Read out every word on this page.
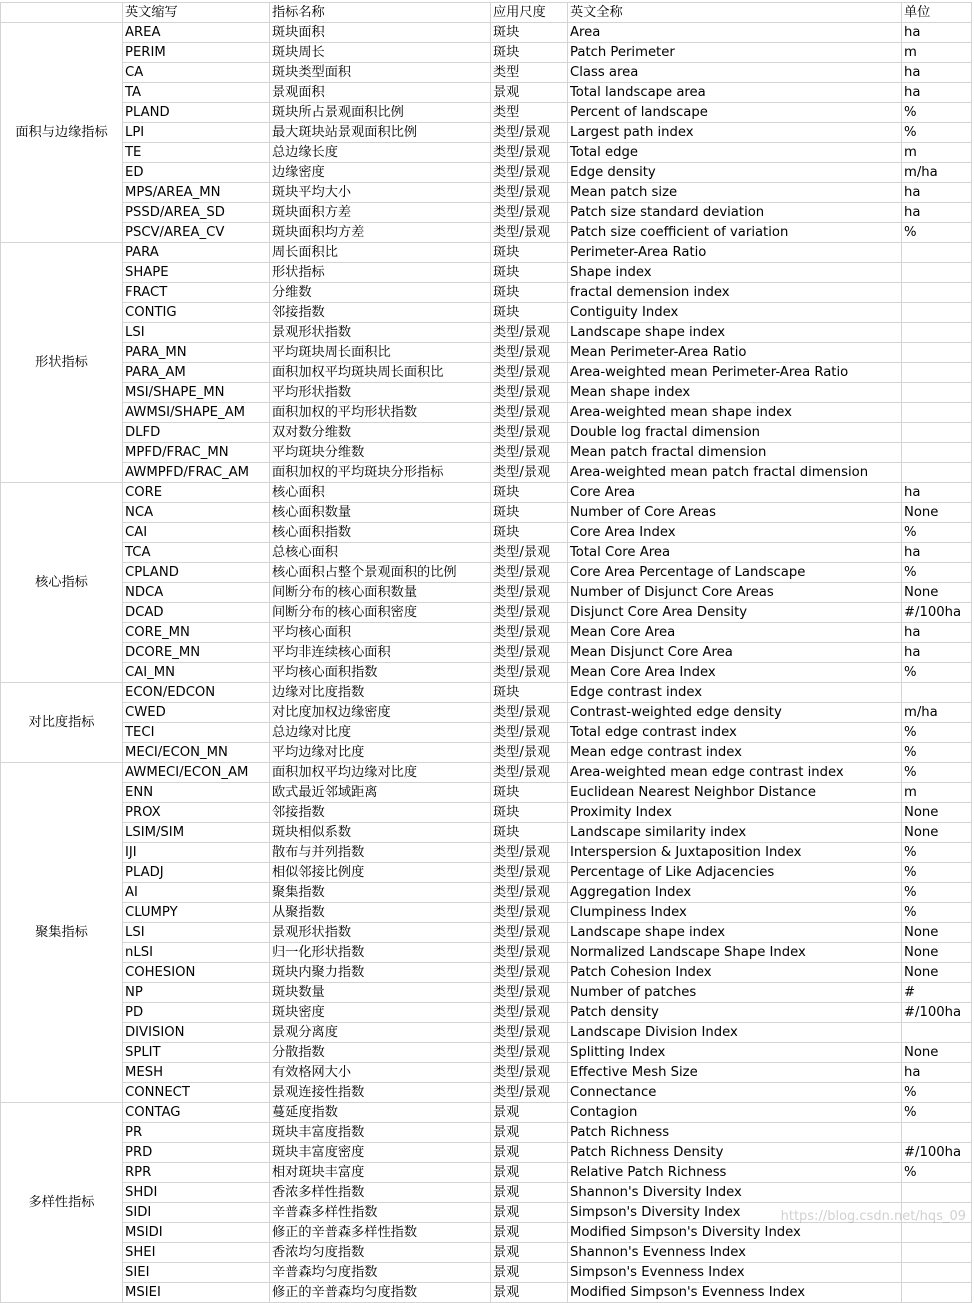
	英文缩写	指标名称	应用尺度	英文全称	单位
面积与边缘指标	AREA	斑块面积	斑块	Area	ha
	PERIM	斑块周长	斑块	Patch Perimeter	m
	CA	斑块类型面积	类型	Class area	ha
	TA	景观面积	景观	Total landscape area	ha
	PLAND	斑块所占景观面积比例	类型	Percent of landscape	%
	LPI	最大斑块站景观面积比例	类型/景观	Largest path index	%
	TE	总边缘长度	类型/景观	Total edge	m
	ED	边缘密度	类型/景观	Edge density	m/ha
	MPS/AREA_MN	斑块平均大小	类型/景观	Mean patch size	ha
	PSSD/AREA_SD	斑块面积方差	类型/景观	Patch size standard deviation	ha
	PSCV/AREA_CV	斑块面积均方差	类型/景观	Patch size coefficient of variation	%
形状指标	PARA	周长面积比	斑块	Perimeter-Area Ratio	
	SHAPE	形状指标	斑块	Shape index	
	FRACT	分维数	斑块	fractal demension index	
	CONTIG	邻接指数	斑块	Contiguity Index	
	LSI	景观形状指数	类型/景观	Landscape shape index	
	PARA_MN	平均斑块周长面积比	类型/景观	Mean Perimeter-Area Ratio	
	PARA_AM	面积加权平均斑块周长面积比	类型/景观	Area-weighted mean Perimeter-Area Ratio	
	MSI/SHAPE_MN	平均形状指数	类型/景观	Mean shape index	
	AWMSI/SHAPE_AM	面积加权的平均形状指数	类型/景观	Area-weighted mean shape index	
	DLFD	双对数分维数	类型/景观	Double log fractal dimension	
	MPFD/FRAC_MN	平均斑块分维数	类型/景观	Mean patch fractal dimension	
	AWMPFD/FRAC_AM	面积加权的平均斑块分形指标	类型/景观	Area-weighted mean patch fractal dimension	
核心指标	CORE	核心面积	斑块	Core Area	ha
	NCA	核心面积数量	斑块	Number of Core Areas	None
	CAI	核心面积指数	斑块	Core Area Index	%
	TCA	总核心面积	类型/景观	Total Core Area	ha
	CPLAND	核心面积占整个景观面积的比例	类型/景观	Core Area Percentage of Landscape	%
	NDCA	间断分布的核心面积数量	类型/景观	Number of Disjunct Core Areas	None
	DCAD	间断分布的核心面积密度	类型/景观	Disjunct Core Area Density	#/100ha
	CORE_MN	平均核心面积	类型/景观	Mean Core Area	ha
	DCORE_MN	平均非连续核心面积	类型/景观	Mean Disjunct Core Area	ha
	CAI_MN	平均核心面积指数	类型/景观	Mean Core Area Index	%
对比度指标	ECON/EDCON	边缘对比度指数	斑块	Edge contrast index	
	CWED	对比度加权边缘密度	类型/景观	Contrast-weighted edge density	m/ha
	TECI	总边缘对比度	类型/景观	Total edge contrast index	%
	MECI/ECON_MN	平均边缘对比度	类型/景观	Mean edge contrast index	%
聚集指标	AWMECI/ECON_AM	面积加权平均边缘对比度	类型/景观	Area-weighted mean edge contrast index	%
	ENN	欧式最近邻域距离	斑块	Euclidean Nearest Neighbor Distance	m
	PROX	邻接指数	斑块	Proximity Index	None
	LSIM/SIM	斑块相似系数	斑块	Landscape similarity index	None
	IJI	散布与并列指数	类型/景观	Interspersion & Juxtaposition Index	%
	PLADJ	相似邻接比例度	类型/景观	Percentage of Like Adjacencies	%
	AI	聚集指数	类型/景观	Aggregation Index	%
	CLUMPY	从聚指数	类型/景观	Clumpiness Index	%
	LSI	景观形状指数	类型/景观	Landscape shape index	None
	nLSI	归一化形状指数	类型/景观	Normalized Landscape Shape Index	None
	COHESION	斑块内聚力指数	类型/景观	Patch Cohesion Index	None
	NP	斑块数量	类型/景观	Number of patches	#
	PD	斑块密度	类型/景观	Patch density	#/100ha
	DIVISION	景观分离度	类型/景观	Landscape Division Index	
	SPLIT	分散指数	类型/景观	Splitting Index	None
	MESH	有效格网大小	类型/景观	Effective Mesh Size	ha
	CONNECT	景观连接性指数	类型/景观	Connectance	%
多样性指标	CONTAG	蔓延度指数	景观	Contagion	%
	PR	斑块丰富度指数	景观	Patch Richness	
	PRD	斑块丰富度密度	景观	Patch Richness Density	#/100ha
	RPR	相对斑块丰富度	景观	Relative Patch Richness	%
	SHDI	香浓多样性指数	景观	Shannon's Diversity Index	
	SIDI	辛普森多样性指数	景观	Simpson's Diversity Index	
	MSIDI	修正的辛普森多样性指数	景观	Modified Simpson's Diversity Index	
	SHEI	香浓均匀度指数	景观	Shannon's Evenness Index	
	SIEI	辛普森均匀度指数	景观	Simpson's Evenness Index	
	MSIEI	修正的辛普森均匀度指数	景观	Modified Simpson's Evenness Index	
https://blog.csdn.net/hqs_09
